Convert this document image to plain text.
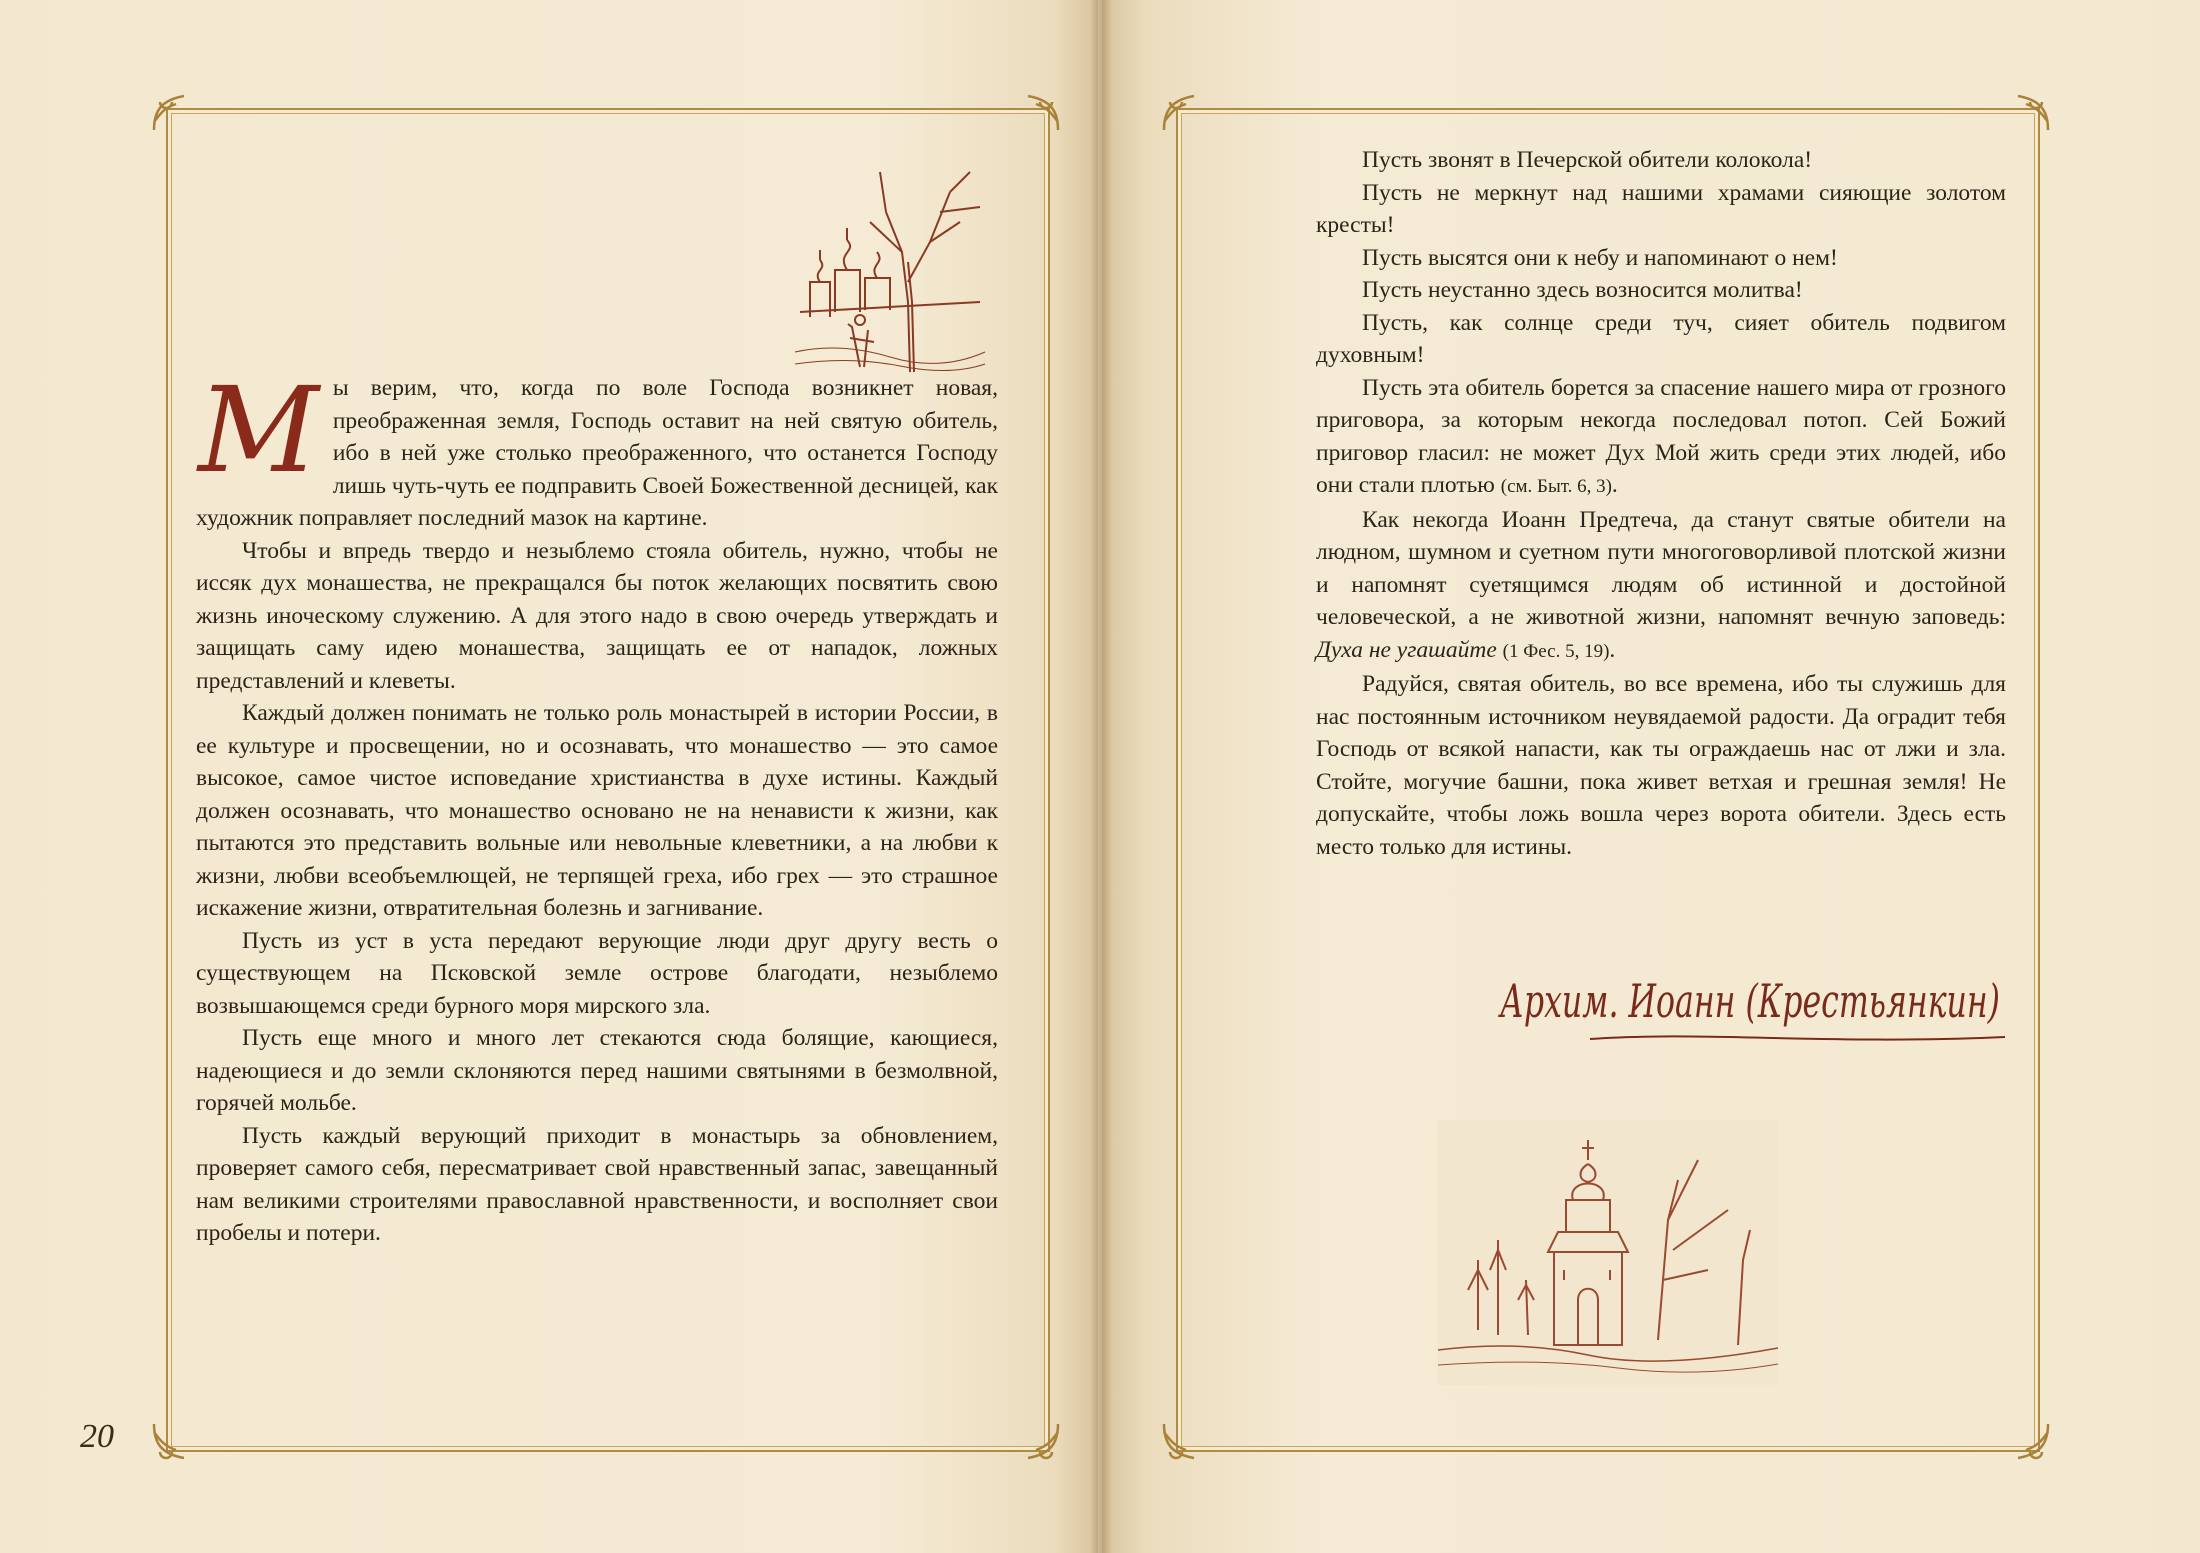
Мы верим, что, когда по воле Господа возникнет новая, преображенная земля, Господь оставит на ней святую обитель, ибо в ней уже столько преображенного, что останется Господу лишь чуть-чуть ее подправить Своей Божественной десницей, как художник поправляет последний мазок на картине.

Чтобы и впредь твердо и незыблемо стояла обитель, нужно, чтобы не иссяк дух монашества, не прекращался бы поток желающих посвятить свою жизнь иноческому служению. А для этого надо в свою очередь утверждать и защищать саму идею монашества, защищать ее от нападок, ложных представлений и клеветы.

Каждый должен понимать не только роль монастырей в истории России, в ее культуре и просвещении, но и осознавать, что монашество — это самое высокое, самое чистое исповедание христианства в духе истины. Каждый должен осознавать, что монашество основано не на ненависти к жизни, как пытаются это представить вольные или невольные клеветники, а на любви к жизни, любви всеобъемлющей, не терпящей греха, ибо грех — это страшное искажение жизни, отвратительная болезнь и загнивание.

Пусть из уст в уста передают верующие люди друг другу весть о существующем на Псковской земле острове благодати, незыблемо возвышающемся среди бурного моря мирского зла.

Пусть еще много и много лет стекаются сюда болящие, кающиеся, надеющиеся и до земли склоняются перед нашими святынями в безмолвной, горячей мольбе.

Пусть каждый верующий приходит в монастырь за обновлением, проверяет самого себя, пересматривает свой нравственный запас, завещанный нам великими строителями православной нравственности, и восполняет свои пробелы и потери.

20

Пусть звонят в Печерской обители колокола!

Пусть не меркнут над нашими храмами сияющие золотом кресты!

Пусть высятся они к небу и напоминают о нем!

Пусть неустанно здесь возносится молитва!

Пусть, как солнце среди туч, сияет обитель подвигом духовным!

Пусть эта обитель борется за спасение нашего мира от грозного приговора, за которым некогда последовал потоп. Сей Божий приговор гласил: не может Дух Мой жить среди этих людей, ибо они стали плотью (см. Быт. 6, 3).

Как некогда Иоанн Предтеча, да станут святые обители на людном, шумном и суетном пути многоговорливой плотской жизни и напомнят суетящимся людям об истинной и достойной человеческой, а не животной жизни, напомнят вечную заповедь: Духа не угашайте (1 Фес. 5, 19).

Радуйся, святая обитель, во все времена, ибо ты служишь для нас постоянным источником неувядаемой радости. Да оградит тебя Господь от всякой напасти, как ты ограждаешь нас от лжи и зла. Стойте, могучие башни, пока живет ветхая и грешная земля! Не допускайте, чтобы ложь вошла через ворота обители. Здесь есть место только для истины.

Архим. Иоанн (Крестьянкин)
